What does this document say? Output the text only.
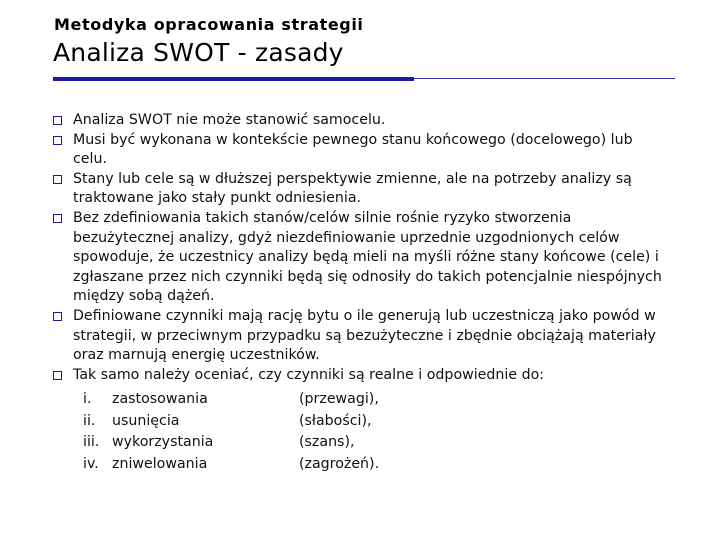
Metodyka opracowania strategii
Analiza SWOT - zasady
Analiza SWOT nie może stanowić samocelu.
Musi być wykonana w kontekście pewnego stanu końcowego (docelowego) lub celu.
Stany lub cele są w dłuższej perspektywie zmienne, ale na potrzeby analizy są traktowane jako stały punkt odniesienia.
Bez zdefiniowania takich stanów/celów silnie rośnie ryzyko stworzenia bezużytecznej analizy, gdyż niezdefiniowanie uprzednie uzgodnionych celów spowoduje, że uczestnicy analizy będą mieli na myśli różne stany końcowe (cele) i zgłaszane przez nich czynniki będą się odnosiły do takich potencjalnie niespójnych między sobą dążeń.
Definiowane czynniki mają rację bytu o ile generują lub uczestniczą jako powód w strategii, w przeciwnym przypadku są bezużyteczne i zbędnie obciążają materiały oraz marnują energię uczestników.
Tak samo należy oceniać, czy czynniki są realne i odpowiednie do:
i.	zastosowania	(przewagi),
ii.	usunięcia	(słabości),
iii. wykorzystania	(szans),
iv. zniwelowania	(zagrożeń).
